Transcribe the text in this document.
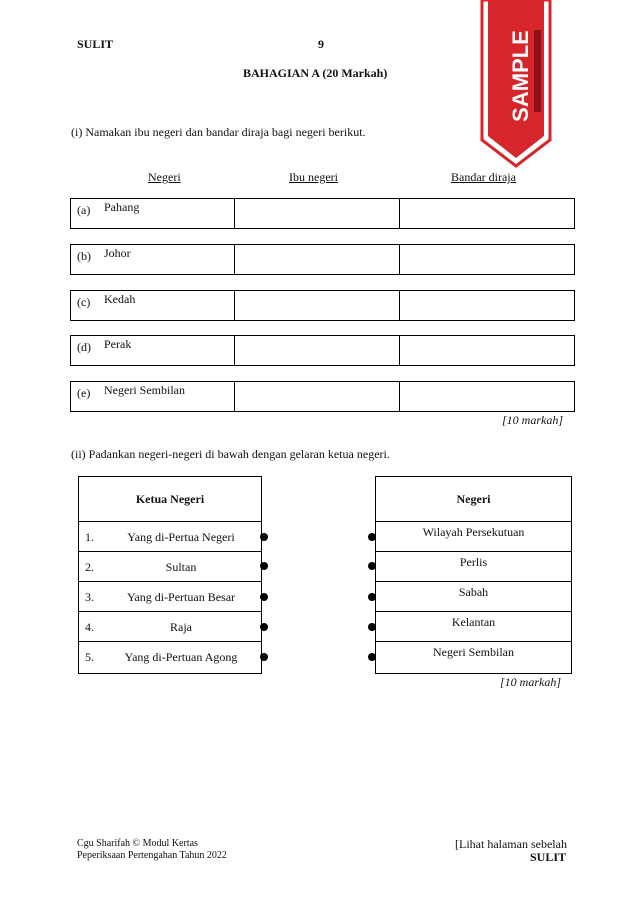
SULIT	9
BAHAGIAN A (20 Markah)	SAMPLE
(i) Namakan ibu negeri dan bandar diraja bagi negeri berikut.
Negeri	Ibu negeri	Bandar diraja
(a) Pahang
(b) Johor
(c) Kedah
(d) Perak
(e) Negeri Sembilan
[10 markah]
(ii) Padankan negeri-negeri di bawah dengan gelaran ketua negeri.
Ketua Negeri
1.	Yang di-Pertua Negeri
2.	Sultan
3.	Yang di-Pertuan Besar
4.	Raja
5.	Yang di-Pertuan Agong
Negeri
Wilayah Persekutuan
Perlis
Sabah
Kelantan
Negeri Sembilan
[10 markah]
Cgu Sharifah © Modul Kertas
Peperiksaan Pertengahan Tahun 2022
[Lihat halaman sebelah
SULIT
